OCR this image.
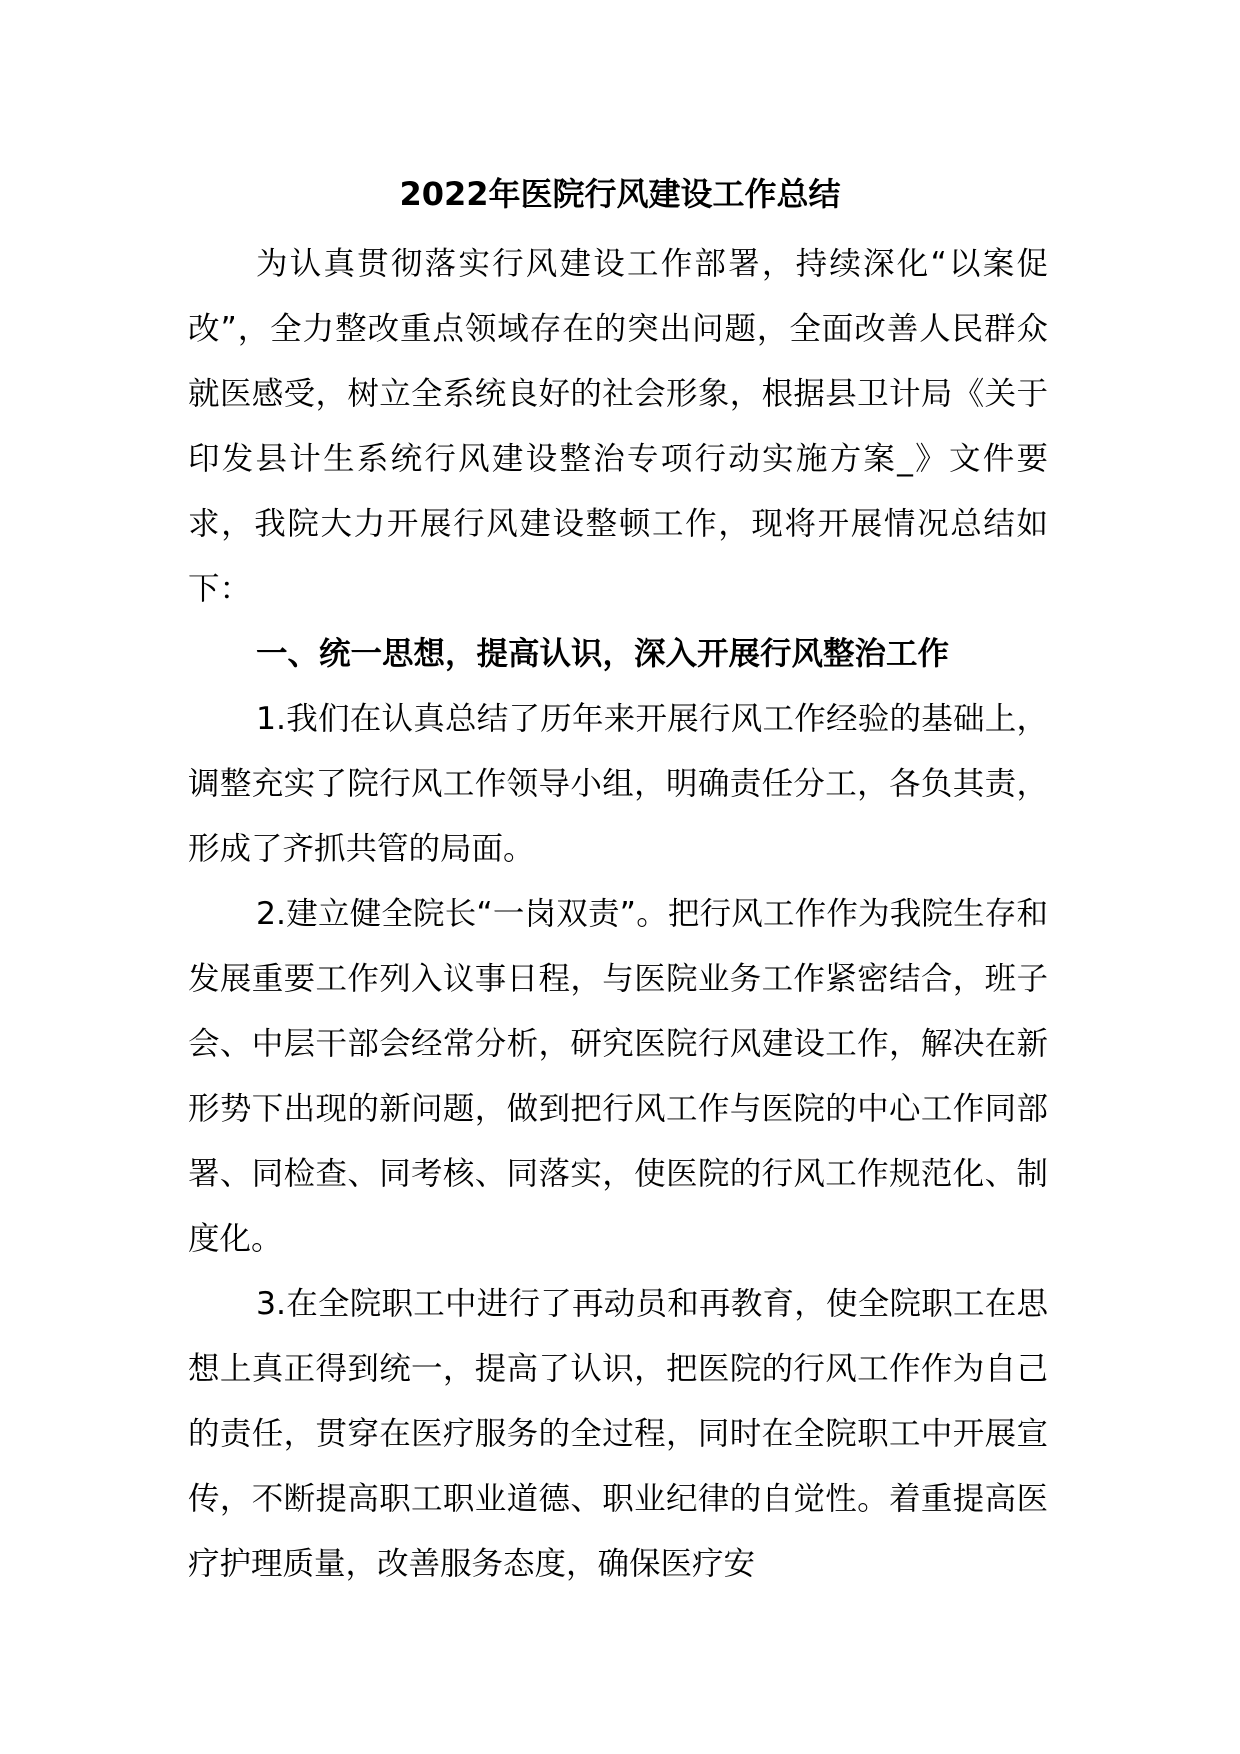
2022年医院行风建设工作总结

为认真贯彻落实行风建设工作部署，持续深化“以案促改”，全力整改重点领域存在的突出问题，全面改善人民群众就医感受，树立全系统良好的社会形象，根据县卫计局《关于印发县计生系统行风建设整治专项行动实施方案_》文件要求，我院大力开展行风建设整顿工作，现将开展情况总结如下：

一、统一思想，提高认识，深入开展行风整治工作

1.我们在认真总结了历年来开展行风工作经验的基础上，调整充实了院行风工作领导小组，明确责任分工，各负其责，形成了齐抓共管的局面。

2.建立健全院长“一岗双责”。把行风工作作为我院生存和发展重要工作列入议事日程，与医院业务工作紧密结合，班子会、中层干部会经常分析，研究医院行风建设工作，解决在新形势下出现的新问题，做到把行风工作与医院的中心工作同部署、同检查、同考核、同落实，使医院的行风工作规范化、制度化。

3.在全院职工中进行了再动员和再教育，使全院职工在思想上真正得到统一，提高了认识，把医院的行风工作作为自己的责任，贯穿在医疗服务的全过程，同时在全院职工中开展宣传，不断提高职工职业道德、职业纪律的自觉性。着重提高医疗护理质量，改善服务态度，确保医疗安
